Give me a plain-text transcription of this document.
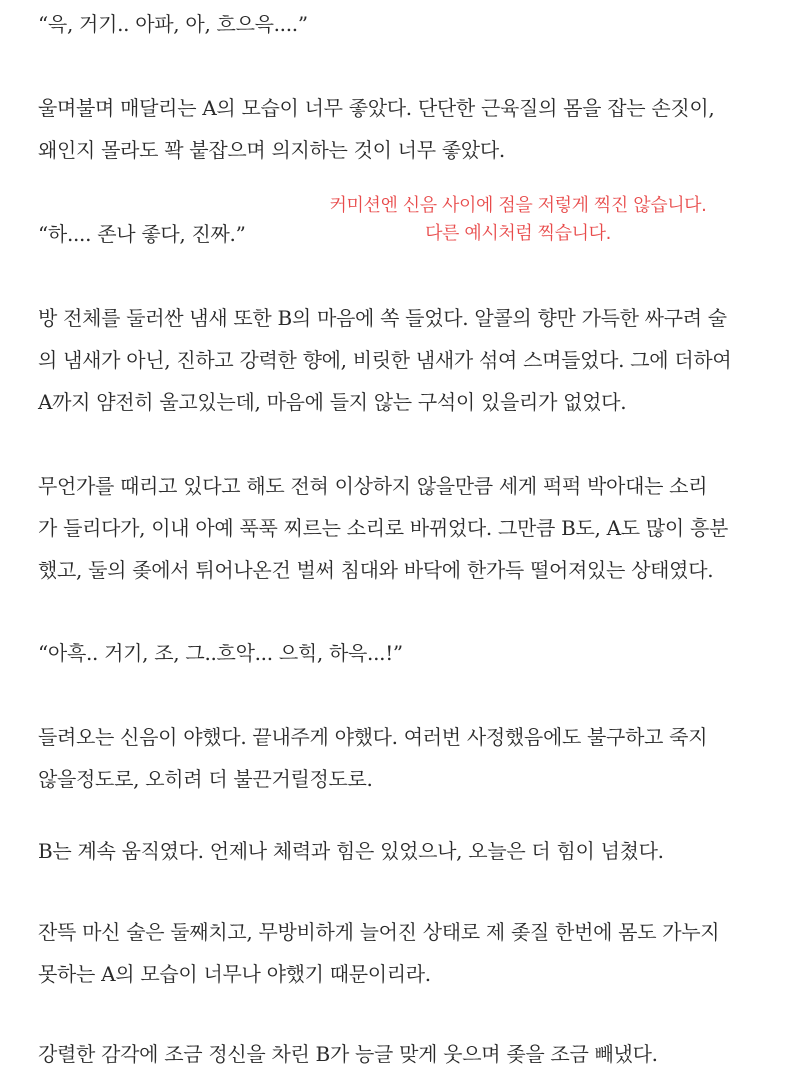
“윽, 거기.. 아파, 아, 흐으윽....”
울며불며 매달리는 A의 모습이 너무 좋았다. 단단한 근육질의 몸을 잡는 손짓이,
왜인지 몰라도 꽉 붙잡으며 의지하는 것이 너무 좋았다.
“하.... 존나 좋다, 진짜.”
방 전체를 둘러싼 냄새 또한 B의 마음에 쏙 들었다. 알콜의 향만 가득한 싸구려 술
의 냄새가 아닌, 진하고 강력한 향에, 비릿한 냄새가 섞여 스며들었다. 그에 더하여
A까지 얌전히 울고있는데, 마음에 들지 않는 구석이 있을리가 없었다.
무언가를 때리고 있다고 해도 전혀 이상하지 않을만큼 세게 퍽퍽 박아대는 소리
가 들리다가, 이내 아예 푹푹 찌르는 소리로 바뀌었다. 그만큼 B도, A도 많이 흥분
했고, 둘의 좆에서 튀어나온건 벌써 침대와 바닥에 한가득 떨어져있는 상태였다.
“아흑.. 거기, 조, 그..흐악... 으힉, 하윽...!”
들려오는 신음이 야했다. 끝내주게 야했다. 여러번 사정했음에도 불구하고 죽지
않을정도로, 오히려 더 불끈거릴정도로.
B는 계속 움직였다. 언제나 체력과 힘은 있었으나, 오늘은 더 힘이 넘쳤다.
잔뜩 마신 술은 둘째치고, 무방비하게 늘어진 상태로 제 좆질 한번에 몸도 가누지
못하는 A의 모습이 너무나 야했기 때문이리라.
강렬한 감각에 조금 정신을 차린 B가 능글 맞게 웃으며 좆을 조금 빼냈다.
커미션엔 신음 사이에 점을 저렇게 찍진 않습니다.
다른 예시처럼 찍습니다.
